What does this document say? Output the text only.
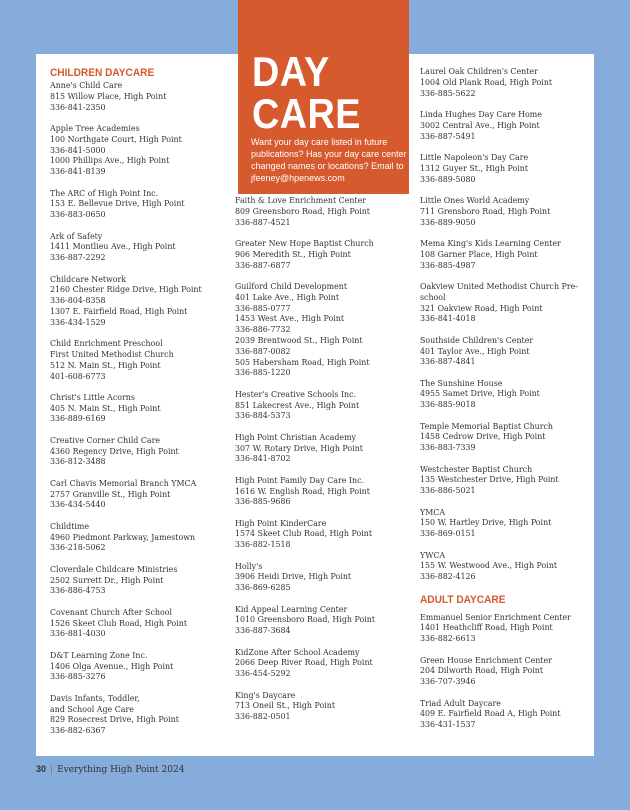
DAY
CARE
Want your day care listed in future publications? Has your day care center changed names or locations? Email to jfeeney@hpenews.com
CHILDREN DAYCARE
Anne's Child Care
815 Willow Place, High Point
336-841-2350
Apple Tree Academies
100 Northgate Court, High Point
336-841-5000
1000 Phillips Ave., High Point
336-841-8139
The ARC of High Point Inc.
153 E. Bellevue Drive, High Point
336-883-0650
Ark of Safety
1411 Montlieu Ave., High Point
336-887-2292
Childcare Network
2160 Chester Ridge Drive, High Point
336-804-8358
1307 E. Fairfield Road, High Point
336-434-1529
Child Enrichment Preschool
First United Methodist Church
512 N. Main St., High Point
401-608-6773
Christ's Little Acorns
405 N. Main St., High Point
336-889-6169
Creative Corner Child Care
4360 Regency Drive, High Point
336-812-3488
Carl Chavis Memorial Branch YMCA
2757 Granville St., High Point
336-434-5440
Childtime
4960 Piedmont Parkway, Jamestown
336-218-5062
Cloverdale Childcare Ministries
2502 Surrett Dr., High Point
336-886-4753
Covenant Church After School
1526 Skeet Club Road, High Point
336-881-4030
D&T Learning Zone Inc.
1406 Olga Avenue., High Point
336-885-3276
Davis Infants, Toddler,
and School Age Care
829 Rosecrest Drive, High Point
336-882-6367
Faith & Love Enrichment Center
809 Greensboro Road, High Point
336-887-4521
Greater New Hope Baptist Church
906 Meredith St., High Point
336-887-6877
Guilford Child Development
401 Lake Ave., High Point
336-885-0777
1453 West Ave., High Point
336-886-7732
2039 Brentwood St., High Point
336-887-0082
505 Habersham Road, High Point
336-885-1220
Hester's Creative Schools Inc.
851 Lakecrest Ave., High Point
336-884-5373
High Point Christian Academy
307 W. Rotary Drive, High Point
336-841-8702
High Point Family Day Care Inc.
1616 W. English Road, High Point
336-885-9686
High Point KinderCare
1574 Skeet Club Road, High Point
336-882-1518
Holly's
3906 Heidi Drive, High Point
336-869-6285
Kid Appeal Learning Center
1010 Greensboro Road, High Point
336-887-3684
KidZone After School Academy
2066 Deep River Road, High Point
336-454-5292
King's Daycare
713 Oneil St., High Point
336-882-0501
Laurel Oak Children's Center
1004 Old Plank Road, High Point
336-885-5622
Linda Hughes Day Care Home
3002 Central Ave., High Point
336-887-5491
Little Napoleon's Day Care
1312 Guyer St., High Point
336-889-5080
Little Ones World Academy
711 Grensboro Road, High Point
336-889-9050
Mema King's Kids Learning Center
108 Garner Place, High Point
336-885-4987
Oakview United Methodist Church Pre-school
321 Oakview Road, High Point
336-841-4018
Southside Children's Center
401 Taylor Ave., High Point
336-887-4841
The Sunshine House
4955 Samet Drive, High Point
336-885-9018
Temple Memorial Baptist Church
1458 Cedrow Drive, High Point
336-883-7339
Westchester Baptist Church
135 Westchester Drive, High Point
336-886-5021
YMCA
150 W. Hartley Drive, High Point
336-869-0151
YWCA
155 W. Westwood Ave., High Point
336-882-4126
ADULT DAYCARE
Emmanuel Senior Enrichment Center
1401 Heathcliff Road, High Point
336-882-6613
Green House Enrichment Center
204 Dilworth Road, High Point
336-707-3946
Triad Adult Daycare
409 E. Fairfield Road A, High Point
336-431-1537
30 | Everything High Point 2024
